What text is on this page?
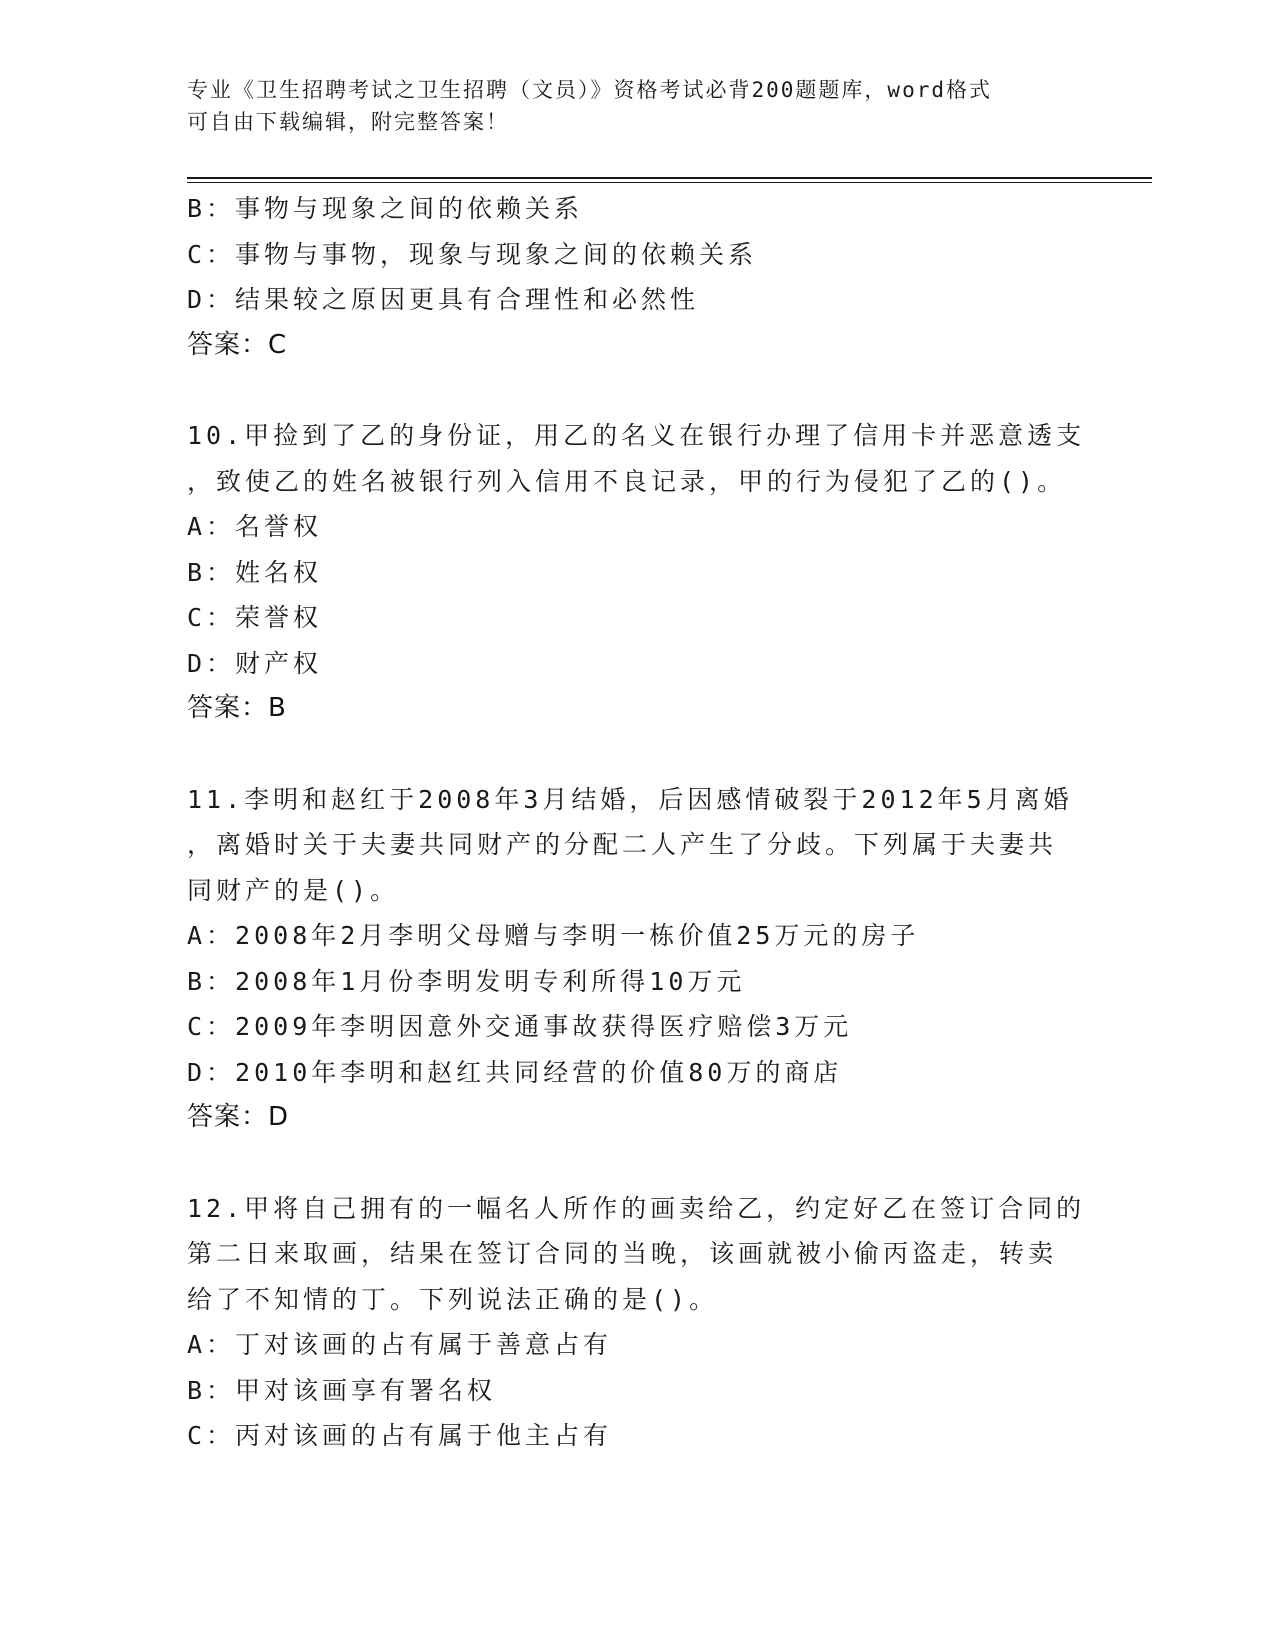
专业《卫生招聘考试之卫生招聘（文员）》资格考试必背200题题库，word格式
可自由下载编辑，附完整答案！
B：事物与现象之间的依赖关系
C：事物与事物，现象与现象之间的依赖关系
D：结果较之原因更具有合理性和必然性
答案：C
10.甲捡到了乙的身份证，用乙的名义在银行办理了信用卡并恶意透支
，致使乙的姓名被银行列入信用不良记录，甲的行为侵犯了乙的()。
A：名誉权
B：姓名权
C：荣誉权
D：财产权
答案：B
11.李明和赵红于2008年3月结婚，后因感情破裂于2012年5月离婚
，离婚时关于夫妻共同财产的分配二人产生了分歧。下列属于夫妻共
同财产的是()。
A：2008年2月李明父母赠与李明一栋价值25万元的房子
B：2008年1月份李明发明专利所得10万元
C：2009年李明因意外交通事故获得医疗赔偿3万元
D：2010年李明和赵红共同经营的价值80万的商店
答案：D
12.甲将自己拥有的一幅名人所作的画卖给乙，约定好乙在签订合同的
第二日来取画，结果在签订合同的当晚，该画就被小偷丙盗走，转卖
给了不知情的丁。下列说法正确的是()。
A：丁对该画的占有属于善意占有
B：甲对该画享有署名权
C：丙对该画的占有属于他主占有
